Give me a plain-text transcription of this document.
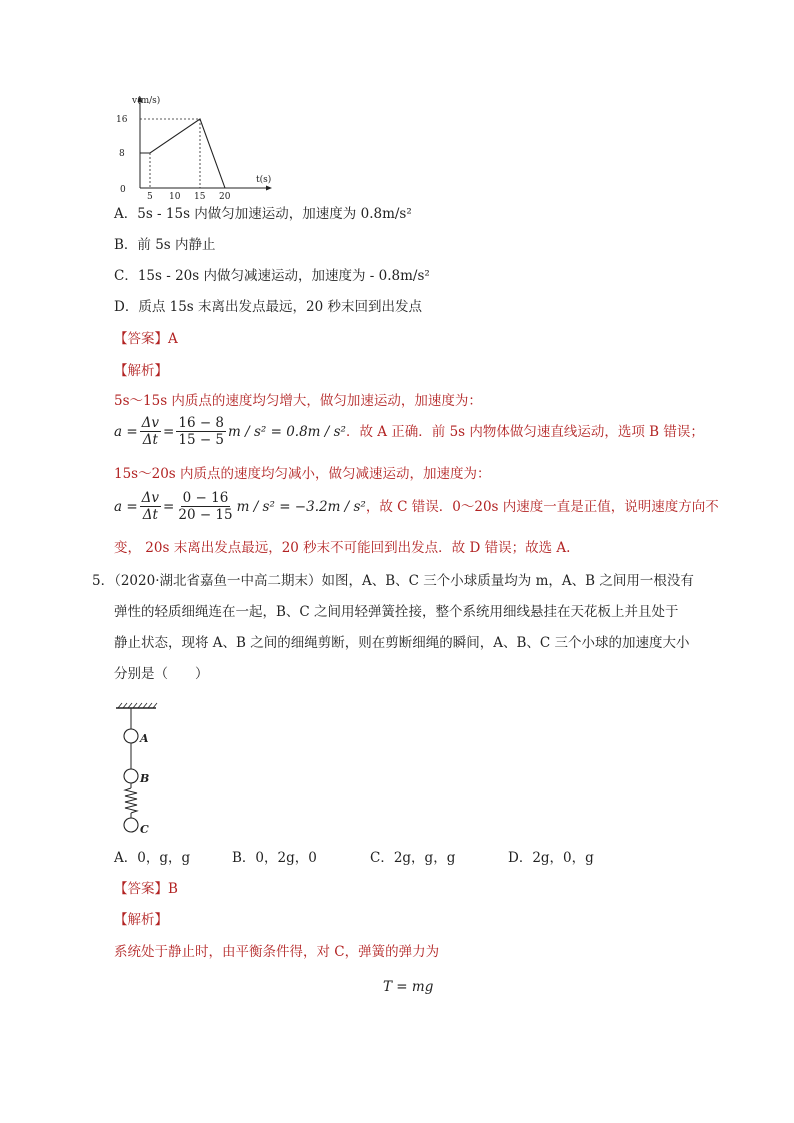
v(m/s)
t(s)
16
8
0
5 10 15 20
A．5s - 15s 内做匀加速运动，加速度为 0.8m/s²
B．前 5s 内静止
C．15s - 20s 内做匀减速运动，加速度为 - 0.8m/s²
D．质点 15s 末离出发点最远，20 秒末回到出发点
【答案】A
【解析】
5s～15s 内质点的速度均匀增大，做匀加速运动，加速度为：
$a = \frac{\Delta v}{\Delta t} = \frac{16 - 8}{15 - 5}$ m / s² = 0.8m / s² ．故 A 正确．前 5s 内物体做匀速直线运动，选项 B 错误；
15s～20s 内质点的速度均匀减小，做匀减速运动，加速度为：
$a = \frac{\Delta v}{\Delta t} = \frac{0 - 16}{20 - 15}$ m / s² = −3.2m / s² ，故 C 错误．0～20s 内速度一直是正值，说明速度方向不
变， 20s 末离出发点最远，20 秒末不可能回到出发点．故 D 错误；故选 A.
5．（2020·湖北省嘉鱼一中高二期末）如图，A、B、C 三个小球质量均为 m，A、B 之间用一根没有
弹性的轻质细绳连在一起，B、C 之间用轻弹簧拴接，整个系统用细线悬挂在天花板上并且处于
静止状态，现将 A、B 之间的细绳剪断，则在剪断细绳的瞬间，A、B、C 三个小球的加速度大小
分别是（　　）
A
B
C
A．0，g，g	B．0，2g，0	C．2g，g，g	D．2g，0，g
【答案】B
【解析】
系统处于静止时，由平衡条件得，对 C，弹簧的弹力为
T = mg
